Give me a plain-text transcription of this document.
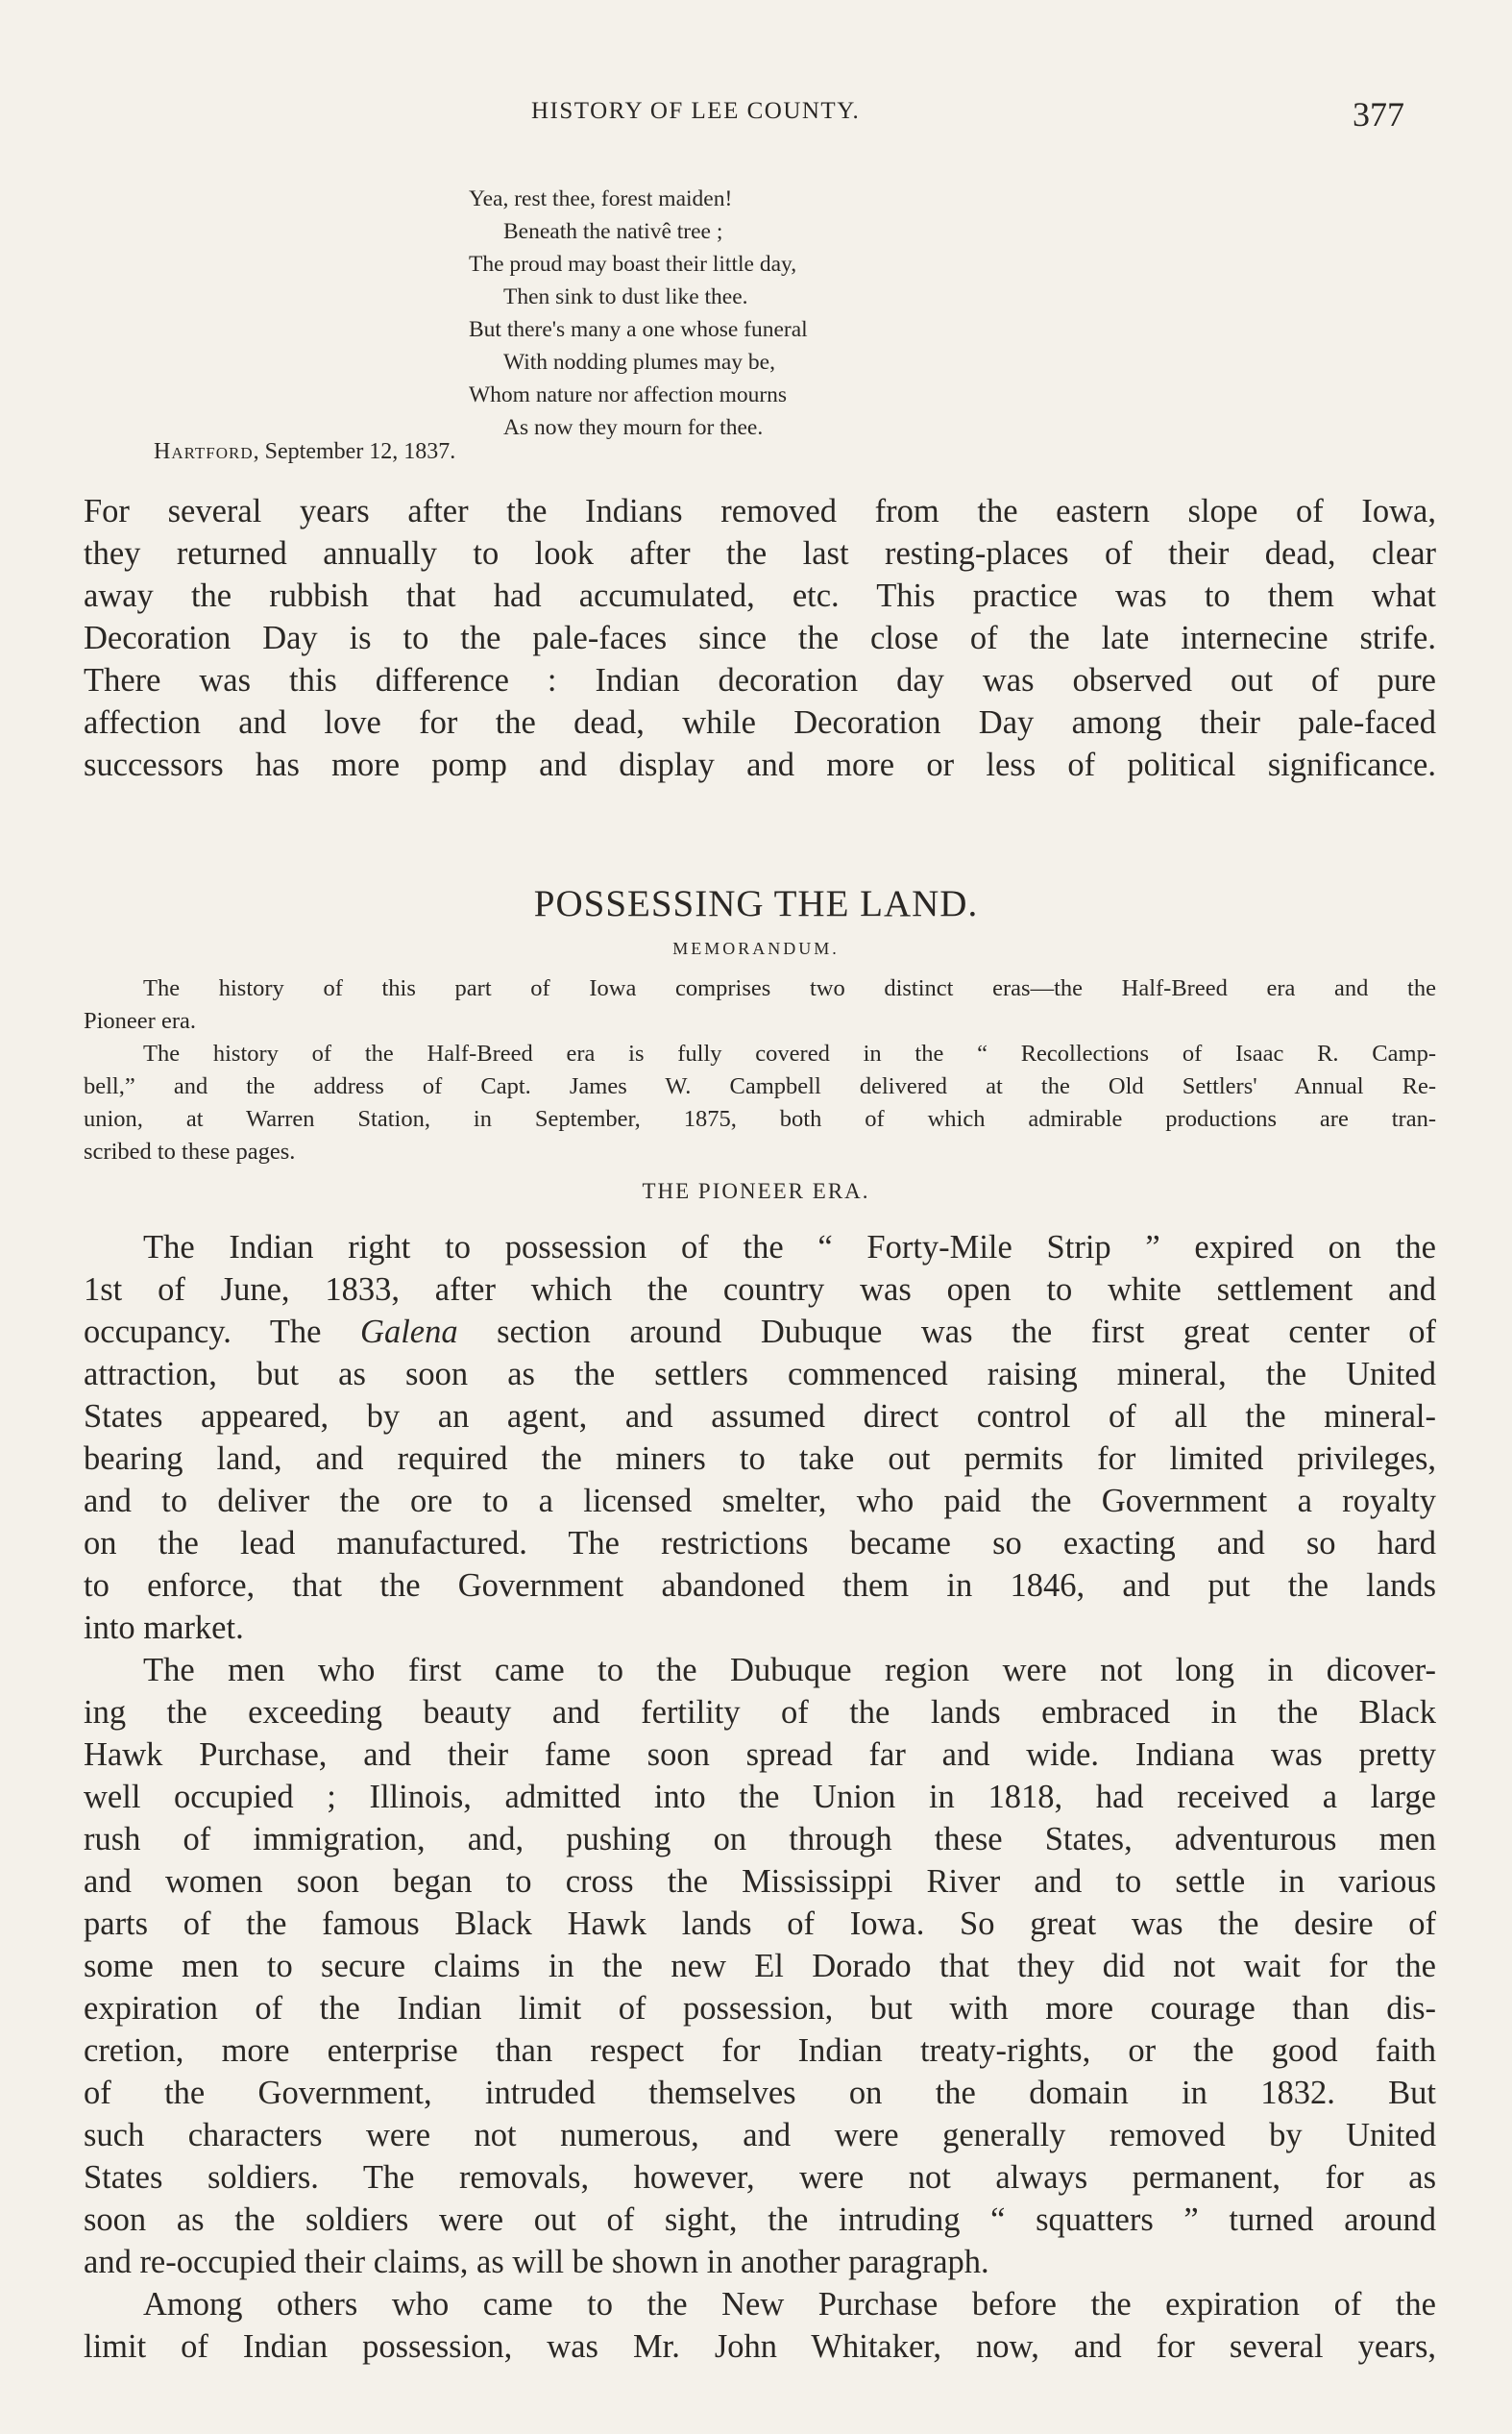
HISTORY OF LEE COUNTY.	377
Yea, rest thee, forest maiden!
Beneath the nativê tree ;
The proud may boast their little day,
Then sink to dust like thee.
But there's many a one whose funeral
With nodding plumes may be,
Whom nature nor affection mourns
As now they mourn for thee.
Hartford, September 12, 1837.
For several years after the Indians removed from the eastern slope of Iowa,
they returned annually to look after the last resting-places of their dead, clear
away the rubbish that had accumulated, etc. This practice was to them what
Decoration Day is to the pale-faces since the close of the late internecine strife.
There was this difference : Indian decoration day was observed out of pure
affection and love for the dead, while Decoration Day among their pale-faced
successors has more pomp and display and more or less of political significance.
POSSESSING THE LAND.
MEMORANDUM.
The history of this part of Iowa comprises two distinct eras—the Half-Breed era and the
Pioneer era.
The history of the Half-Breed era is fully covered in the “ Recollections of Isaac R. Camp-
bell,” and the address of Capt. James W. Campbell delivered at the Old Settlers' Annual Re-
union, at Warren Station, in September, 1875, both of which admirable productions are tran-
scribed to these pages.
THE PIONEER ERA.
The Indian right to possession of the “ Forty-Mile Strip ” expired on the
1st of June, 1833, after which the country was open to white settlement and
occupancy. The Galena section around Dubuque was the first great center of
attraction, but as soon as the settlers commenced raising mineral, the United
States appeared, by an agent, and assumed direct control of all the mineral-
bearing land, and required the miners to take out permits for limited privileges,
and to deliver the ore to a licensed smelter, who paid the Government a royalty
on the lead manufactured. The restrictions became so exacting and so hard
to enforce, that the Government abandoned them in 1846, and put the lands
into market.
The men who first came to the Dubuque region were not long in dicover-
ing the exceeding beauty and fertility of the lands embraced in the Black
Hawk Purchase, and their fame soon spread far and wide. Indiana was pretty
well occupied ; Illinois, admitted into the Union in 1818, had received a large
rush of immigration, and, pushing on through these States, adventurous men
and women soon began to cross the Mississippi River and to settle in various
parts of the famous Black Hawk lands of Iowa. So great was the desire of
some men to secure claims in the new El Dorado that they did not wait for the
expiration of the Indian limit of possession, but with more courage than dis-
cretion, more enterprise than respect for Indian treaty-rights, or the good faith
of the Government, intruded themselves on the domain in 1832. But
such characters were not numerous, and were generally removed by United
States soldiers. The removals, however, were not always permanent, for as
soon as the soldiers were out of sight, the intruding “ squatters ” turned around
and re-occupied their claims, as will be shown in another paragraph.
Among others who came to the New Purchase before the expiration of the
limit of Indian possession, was Mr. John Whitaker, now, and for several years,
